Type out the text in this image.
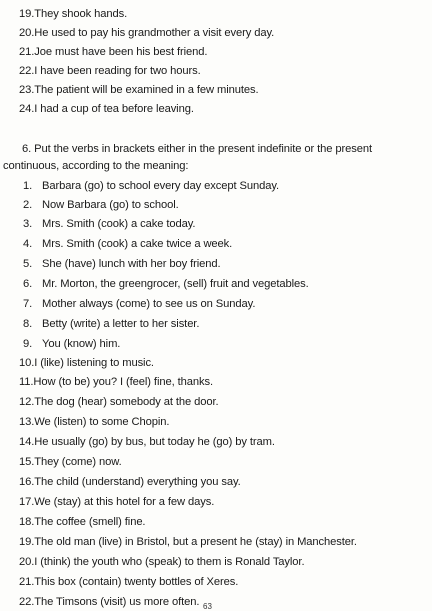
19.They shook hands.
20.He used to pay his grandmother a visit every day.
21.Joe must have been his best friend.
22.I have been reading for two hours.
23.The patient will be examined in a few minutes.
24.I had a cup of tea before leaving.
6. Put the verbs in brackets either in the present indefinite or the present
continuous, according to the meaning:
1. Barbara (go) to school every day except Sunday.
2. Now Barbara (go) to school.
3. Mrs. Smith (cook) a cake today.
4. Mrs. Smith (cook) a cake twice a week.
5. She (have) lunch with her boy friend.
6. Mr. Morton, the greengrocer, (sell) fruit and vegetables.
7. Mother always (come) to see us on Sunday.
8. Betty (write) a letter to her sister.
9. You (know) him.
10.I (like) listening to music.
11.How (to be) you? I (feel) fine, thanks.
12.The dog (hear) somebody at the door.
13.We (listen) to some Chopin.
14.He usually (go) by bus, but today he (go) by tram.
15.They (come) now.
16.The child (understand) everything you say.
17.We (stay) at this hotel for a few days.
18.The coffee (smell) fine.
19.The old man (live) in Bristol, but a present he (stay) in Manchester.
20.I (think) the youth who (speak) to them is Ronald Taylor.
21.This box (contain) twenty bottles of Xeres.
22.The Timsons (visit) us more often. 63
